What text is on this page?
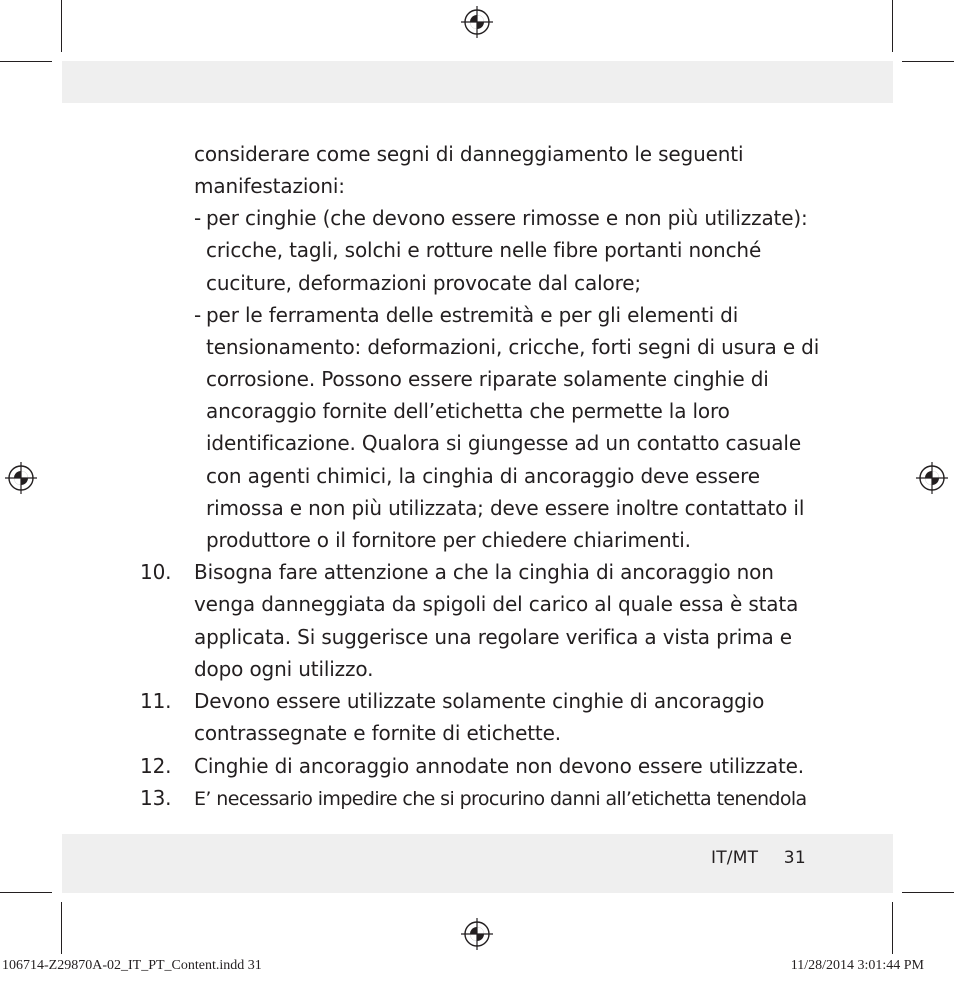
considerare come segni di danneggiamento le seguenti
manifestazioni:
- per cinghie (che devono essere rimosse e non più utilizzate):
cricche, tagli, solchi e rotture nelle fibre portanti nonché
cuciture, deformazioni provocate dal calore;
- per le ferramenta delle estremità e per gli elementi di
tensionamento: deformazioni, cricche, forti segni di usura e di
corrosione. Possono essere riparate solamente cinghie di
ancoraggio fornite dell’etichetta che permette la loro
identificazione. Qualora si giungesse ad un contatto casuale
con agenti chimici, la cinghia di ancoraggio deve essere
rimossa e non più utilizzata; deve essere inoltre contattato il
produttore o il fornitore per chiedere chiarimenti.
10. Bisogna fare attenzione a che la cinghia di ancoraggio non
venga danneggiata da spigoli del carico al quale essa è stata
applicata. Si suggerisce una regolare verifica a vista prima e
dopo ogni utilizzo.
11. Devono essere utilizzate solamente cinghie di ancoraggio
contrassegnate e fornite di etichette.
12. Cinghie di ancoraggio annodate non devono essere utilizzate.
13. E’ necessario impedire che si procurino danni all’etichetta tenendola
IT/MT 31
106714-Z29870A-02_IT_PT_Content.indd 31	11/28/2014 3:01:44 PM
